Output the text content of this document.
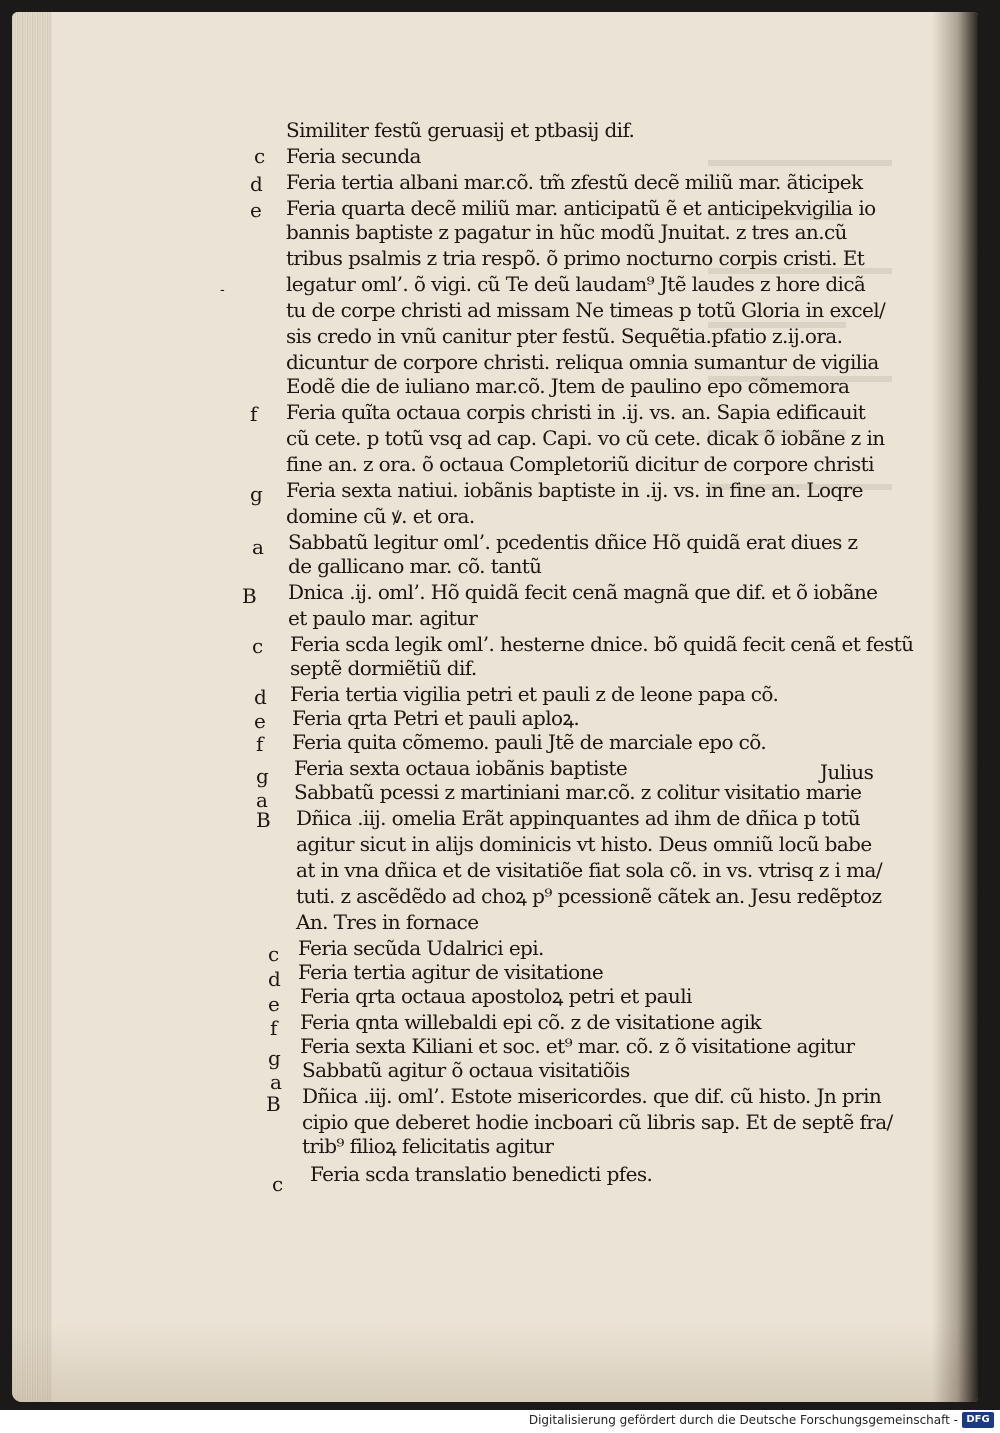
c
d
e
f
g
a
B
c
d
e
f
g
a
B
c
d
e
f
g
a
B
c
-
Similiter festũ geruasij et ptbasij dif.
Feria secunda
Feria tertia albani mar.cõ. tm̃ zfestũ decẽ miliũ mar. ãticipek
Feria quarta decẽ miliũ mar. anticipatũ ẽ et anticipekvigilia io
bannis baptiste z pagatur in hũc modũ Jnuitat. z tres an.cũ
tribus psalmis z tria respõ. õ primo nocturno corpis cristi. Et
legatur oml’. õ vigi. cũ Te deũ laudam⁹ Jtẽ laudes z hore dicã
tu de corpe christi ad missam Ne timeas p totũ Gloria in excel/
sis credo in vnũ canitur pter festũ. Sequẽtia.pfatio z.ij.ora.
dicuntur de corpore christi. reliqua omnia sumantur de vigilia
Eodẽ die de iuliano mar.cõ. Jtem de paulino epo cõmemora
Feria quĩta octaua corpis christi in .ij. vs. an. Sapia edificauit
cũ cete. p totũ vsq ad cap. Capi. vo cũ cete. dicak õ iobãne z in
fine an. z ora. õ octaua Completoriũ dicitur de corpore christi
Feria sexta natiui. iobãnis baptiste in .ij. vs. in fine an. Loqre
domine cũ ꝟ. et ora.
Sabbatũ legitur oml’. pcedentis dñice Hõ quidã erat diues z
de gallicano mar. cõ. tantũ
Dnica .ij. oml’. Hõ quidã fecit cenã magnã que dif. et õ iobãne
et paulo mar. agitur
Feria scda legik oml’. hesterne dnice. bõ quidã fecit cenã et festũ
septẽ dormiẽtiũ dif.
Feria tertia vigilia petri et pauli z de leone papa cõ.
Feria qrta Petri et pauli aploꝝ.
Feria quita cõmemo. pauli Jtẽ de marciale epo cõ.
Feria sexta octaua iobãnis baptiste	Julius
Sabbatũ pcessi z martiniani mar.cõ. z colitur visitatio marie
Dñica .iij. omelia Erãt appinquantes ad ihm de dñica p totũ
agitur sicut in alijs dominicis vt histo. Deus omniũ locũ babe
at in vna dñica et de visitatiõe fiat sola cõ. in vs. vtrisq z i ma/
tuti. z ascẽdẽdo ad choꝝ p⁹ pcessionẽ cãtek an. Jesu redẽptoz
An. Tres in fornace
Feria secũda Udalrici epi.
Feria tertia agitur de visitatione
Feria qrta octaua apostoloꝝ petri et pauli
Feria qnta willebaldi epi cõ. z de visitatione agik
Feria sexta Kiliani et soc. et⁹ mar. cõ. z õ visitatione agitur
Sabbatũ agitur õ octaua visitatiõis
Dñica .iij. oml’. Estote misericordes. que dif. cũ histo. Jn prin
cipio que deberet hodie incboari cũ libris sap. Et de septẽ fra/
trib⁹ filioꝝ felicitatis agitur
Feria scda translatio benedicti pfes.
Digitalisierung gefördert durch die Deutsche Forschungsgemeinschaft - DFG
